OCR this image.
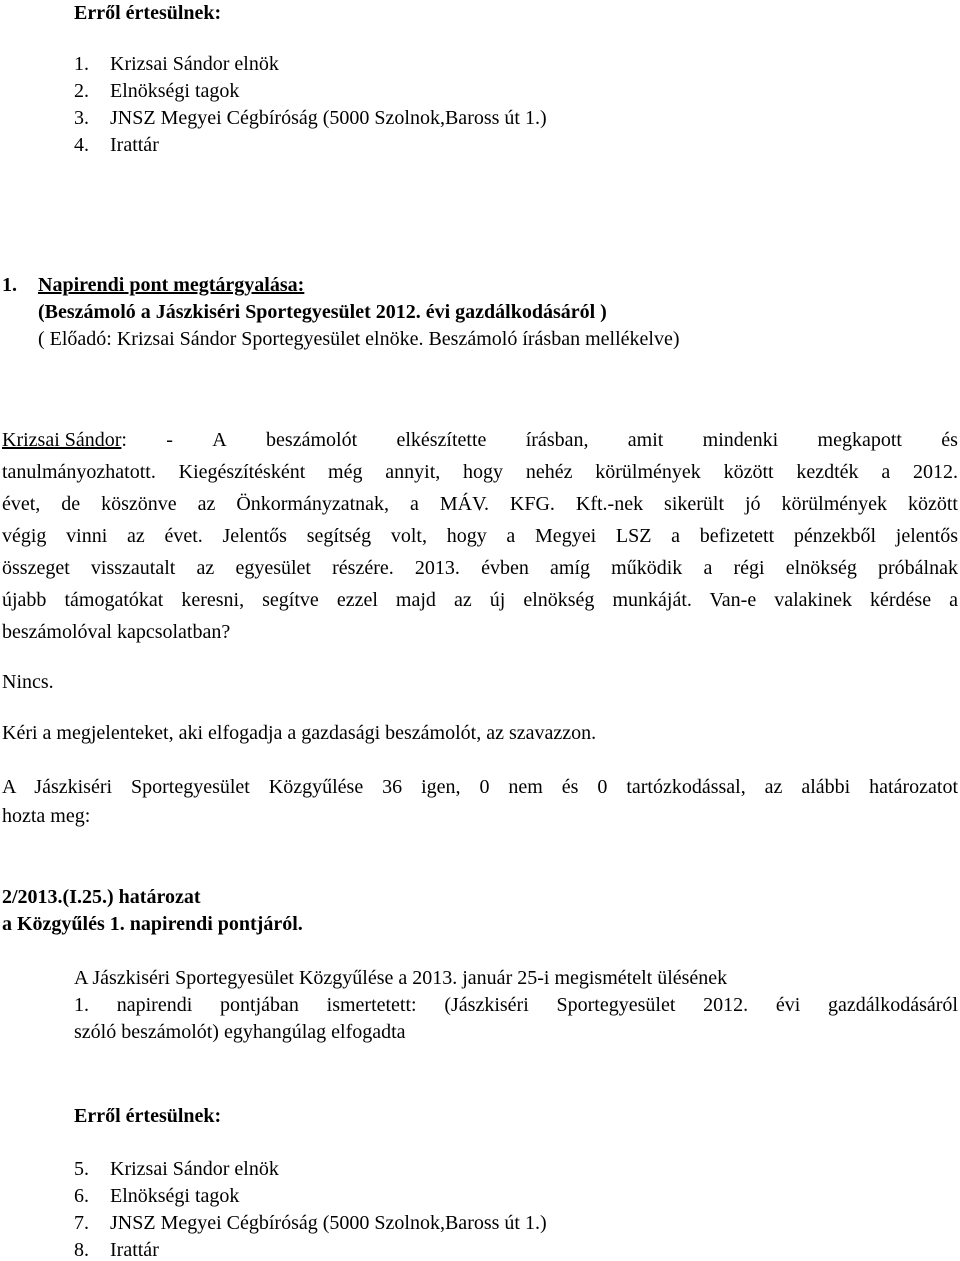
Erről értesülnek:
1. Krizsai Sándor elnök
2. Elnökségi tagok
3. JNSZ Megyei Cégbíróság (5000 Szolnok,Baross út 1.)
4. Irattár
1. Napirendi pont megtárgyalása:
(Beszámoló a Jászkiséri Sportegyesület 2012. évi gazdálkodásáról )
( Előadó: Krizsai Sándor Sportegyesület elnöke. Beszámoló írásban mellékelve)
Krizsai Sándor: - A beszámolót elkészítette írásban, amit mindenki megkapott és
tanulmányozhatott. Kiegészítésként még annyit, hogy nehéz körülmények között kezdték a 2012.
évet, de köszönve az Önkormányzatnak, a MÁV. KFG. Kft.-nek sikerült jó körülmények között
végig vinni az évet. Jelentős segítség volt, hogy a Megyei LSZ a befizetett pénzekből jelentős
összeget visszautalt az egyesület részére. 2013. évben amíg működik a régi elnökség próbálnak
újabb támogatókat keresni, segítve ezzel majd az új elnökség munkáját. Van-e valakinek kérdése a
beszámolóval kapcsolatban?
Nincs.
Kéri a megjelenteket, aki elfogadja a gazdasági beszámolót, az szavazzon.
A Jászkiséri Sportegyesület Közgyűlése 36 igen, 0 nem és 0 tartózkodással, az alábbi határozatot
hozta meg:
2/2013.(I.25.) határozat
a Közgyűlés 1. napirendi pontjáról.
A Jászkiséri Sportegyesület Közgyűlése a 2013. január 25-i megismételt ülésének
1. napirendi pontjában ismertetett: (Jászkiséri Sportegyesület 2012. évi gazdálkodásáról
szóló beszámolót) egyhangúlag elfogadta
Erről értesülnek:
5. Krizsai Sándor elnök
6. Elnökségi tagok
7. JNSZ Megyei Cégbíróság (5000 Szolnok,Baross út 1.)
8. Irattár
